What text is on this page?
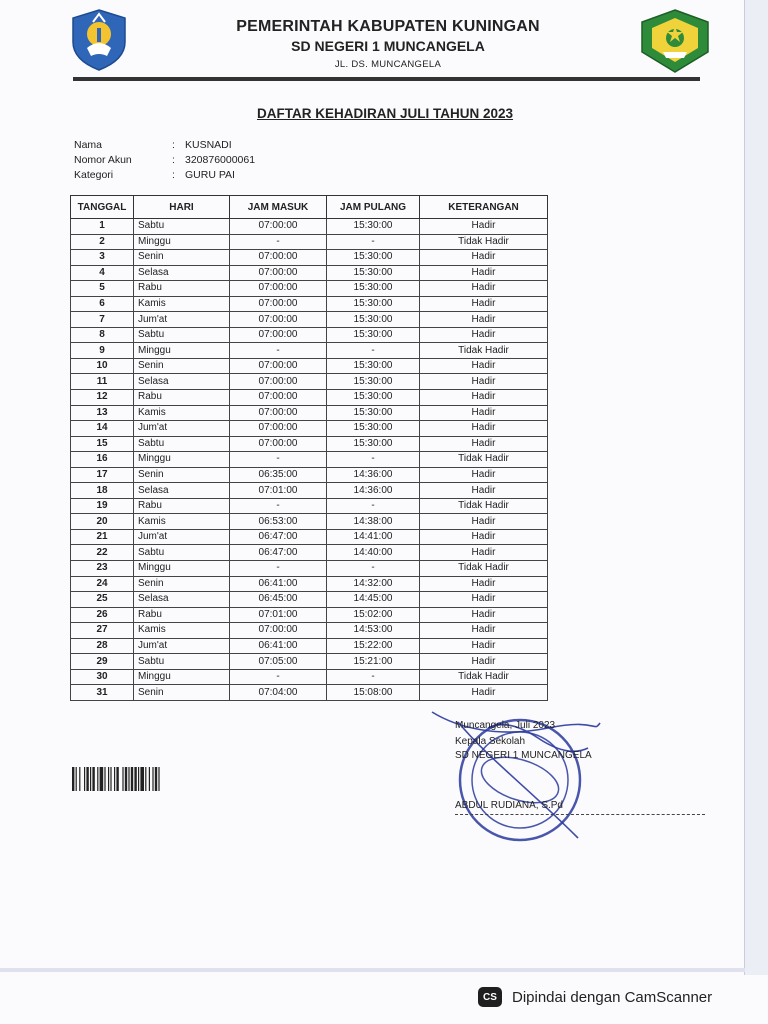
PEMERINTAH KABUPATEN KUNINGAN
SD NEGERI 1 MUNCANGELA
JL. DS. MUNCANGELA
DAFTAR KEHADIRAN JULI TAHUN 2023
Nama	: KUSNADI
Nomor Akun	: 320876000061
Kategori	: GURU PAI
TANGGAL	HARI	JAM MASUK	JAM PULANG	KETERANGAN
1	Sabtu	07:00:00	15:30:00	Hadir
2	Minggu	-	-	Tidak Hadir
3	Senin	07:00:00	15:30:00	Hadir
4	Selasa	07:00:00	15:30:00	Hadir
5	Rabu	07:00:00	15:30:00	Hadir
6	Kamis	07:00:00	15:30:00	Hadir
7	Jum'at	07:00:00	15:30:00	Hadir
8	Sabtu	07:00:00	15:30:00	Hadir
9	Minggu	-	-	Tidak Hadir
10	Senin	07:00:00	15:30:00	Hadir
11	Selasa	07:00:00	15:30:00	Hadir
12	Rabu	07:00:00	15:30:00	Hadir
13	Kamis	07:00:00	15:30:00	Hadir
14	Jum'at	07:00:00	15:30:00	Hadir
15	Sabtu	07:00:00	15:30:00	Hadir
16	Minggu	-	-	Tidak Hadir
17	Senin	06:35:00	14:36:00	Hadir
18	Selasa	07:01:00	14:36:00	Hadir
19	Rabu	-	-	Tidak Hadir
20	Kamis	06:53:00	14:38:00	Hadir
21	Jum'at	06:47:00	14:41:00	Hadir
22	Sabtu	06:47:00	14:40:00	Hadir
23	Minggu	-	-	Tidak Hadir
24	Senin	06:41:00	14:32:00	Hadir
25	Selasa	06:45:00	14:45:00	Hadir
26	Rabu	07:01:00	15:02:00	Hadir
27	Kamis	07:00:00	14:53:00	Hadir
28	Jum'at	06:41:00	15:22:00	Hadir
29	Sabtu	07:05:00	15:21:00	Hadir
30	Minggu	-	-	Tidak Hadir
31	Senin	07:04:00	15:08:00	Hadir
Muncangela, Juli 2023
Kepala Sekolah
SD NEGERI 1 MUNCANGELA
ABDUL RUDIANA, S.Pd
CS	Dipindai dengan CamScanner
